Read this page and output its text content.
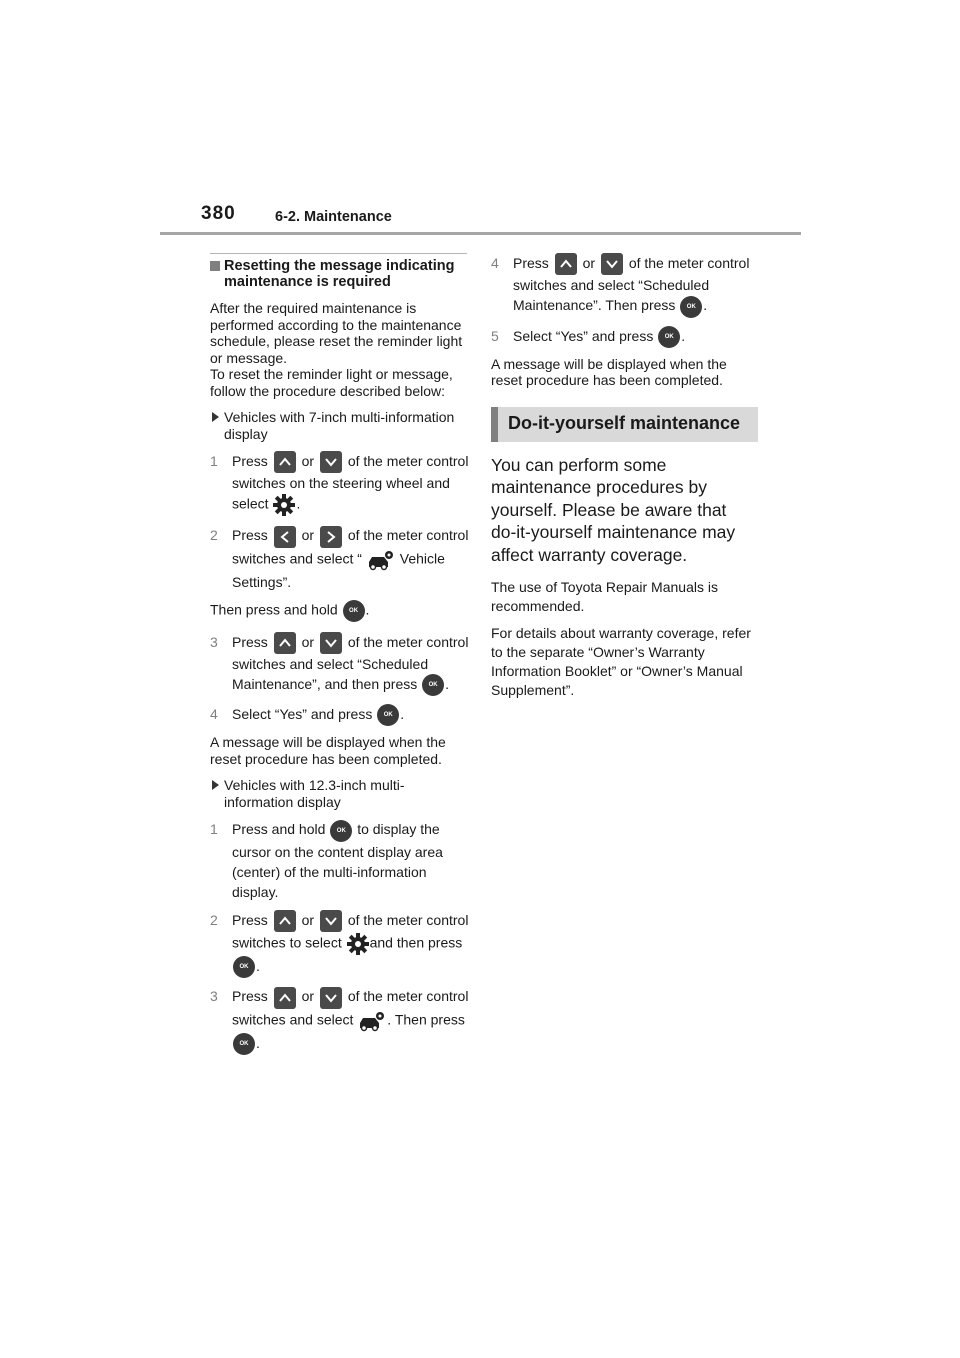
380	6-2. Maintenance
Resetting the message indicating maintenance is required

After the required maintenance is performed according to the maintenance schedule, please reset the reminder light or message.
To reset the reminder light or message, follow the procedure described below:

Vehicles with 7-inch multi-information display

1 Press or of the meter control switches on the steering wheel and select .
2 Press or of the meter control switches and select “	Vehicle Settings”.

Then press and hold OK .

3 Press or of the meter control switches and select “Scheduled Maintenance”, and then press OK .
4 Select “Yes” and press OK .

A message will be displayed when the reset procedure has been completed.

Vehicles with 12.3-inch multi-information display

1 Press and hold OK to display the cursor on the content display area (center) of the multi-information display.
2 Press or of the meter control switches to select and then press OK .
3 Press or of the meter control switches and select . Then press OK .
4 Press or of the meter control switches and select “Scheduled Maintenance”. Then press OK .
5 Select “Yes” and press OK .

A message will be displayed when the reset procedure has been completed.

Do-it-yourself maintenance

You can perform some maintenance procedures by yourself. Please be aware that do-it-yourself maintenance may affect warranty coverage.

The use of Toyota Repair Manuals is recommended.

For details about warranty coverage, refer to the separate “Owner’s Warranty Information Booklet” or “Owner’s Manual Supplement”.
